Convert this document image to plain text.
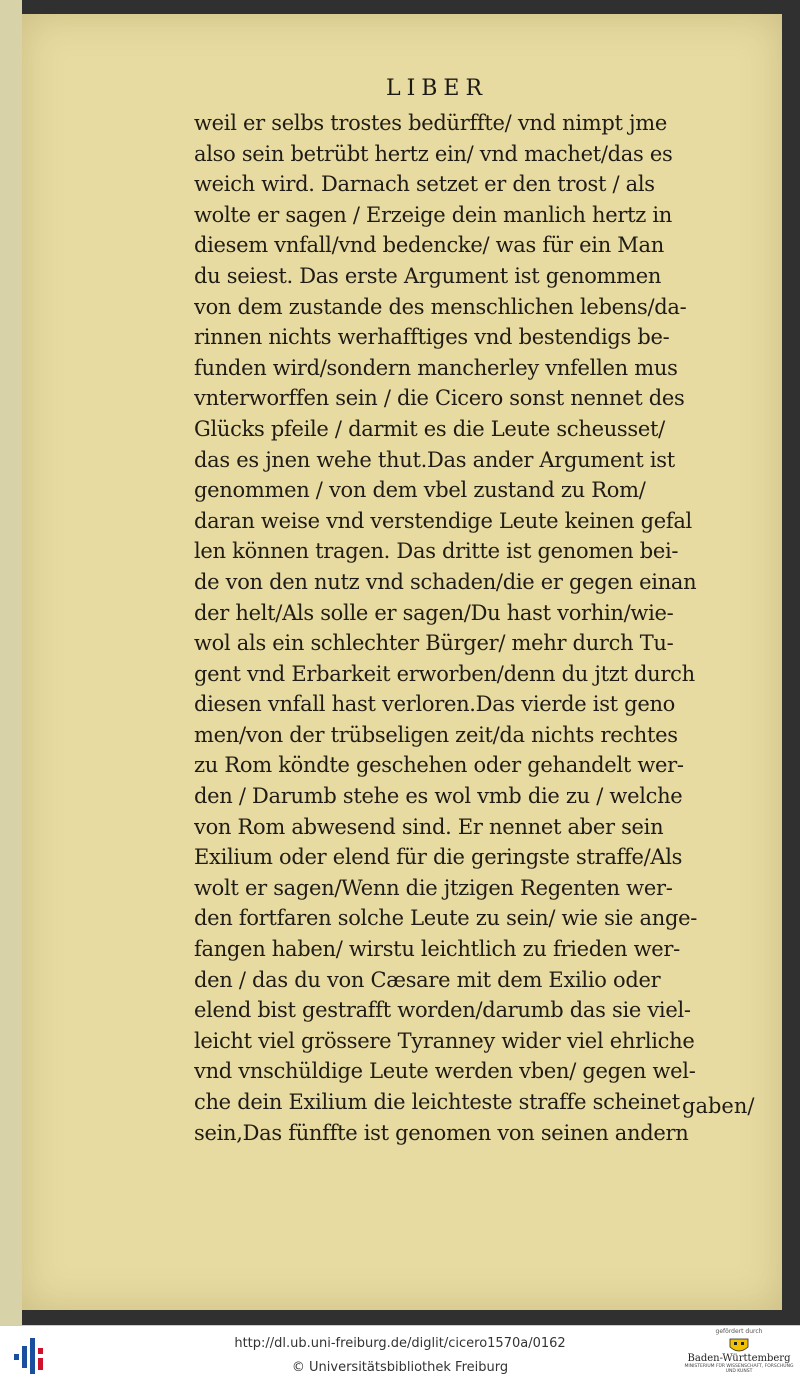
LIBER
weil er selbs trostes bedürffte/ vnd nimpt jme
also sein betrübt hertz ein/ vnd machet/das es
weich wird. Darnach setzet er den trost / als
wolte er sagen / Erzeige dein manlich hertz in
diesem vnfall/vnd bedencke/ was für ein Man
du seiest. Das erste Argument ist genommen
von dem zustande des menschlichen lebens/da-
rinnen nichts werhafftiges vnd bestendigs be-
funden wird/sondern mancherley vnfellen mus
vnterworffen sein / die Cicero sonst nennet des
Glücks pfeile / darmit es die Leute scheusset/
das es jnen wehe thut.Das ander Argument ist
genommen / von dem vbel zustand zu Rom/
daran weise vnd verstendige Leute keinen gefal
len können tragen. Das dritte ist genomen bei-
de von den nutz vnd schaden/die er gegen einan
der helt/Als solle er sagen/Du hast vorhin/wie-
wol als ein schlechter Bürger/ mehr durch Tu-
gent vnd Erbarkeit erworben/denn du jtzt durch
diesen vnfall hast verloren.Das vierde ist geno
men/von der trübseligen zeit/da nichts rechtes
zu Rom köndte geschehen oder gehandelt wer-
den / Darumb stehe es wol vmb die zu / welche
von Rom abwesend sind. Er nennet aber sein
Exilium oder elend für die geringste straffe/Als
wolt er sagen/Wenn die jtzigen Regenten wer-
den fortfaren solche Leute zu sein/ wie sie ange-
fangen haben/ wirstu leichtlich zu frieden wer-
den / das du von Cæsare mit dem Exilio oder
elend bist gestrafft worden/darumb das sie viel-
leicht viel grössere Tyranney wider viel ehrliche
vnd vnschüldige Leute werden vben/ gegen wel-
che dein Exilium die leichteste straffe scheinet
sein,Das fünffte ist genomen von seinen andern
gaben/
http://dl.ub.uni-freiburg.de/diglit/cicero1570a/0162
© Universitätsbibliothek Freiburg
gefördert durch
Baden-Württemberg
MINISTERIUM FÜR WISSENSCHAFT, FORSCHUNG UND KUNST
